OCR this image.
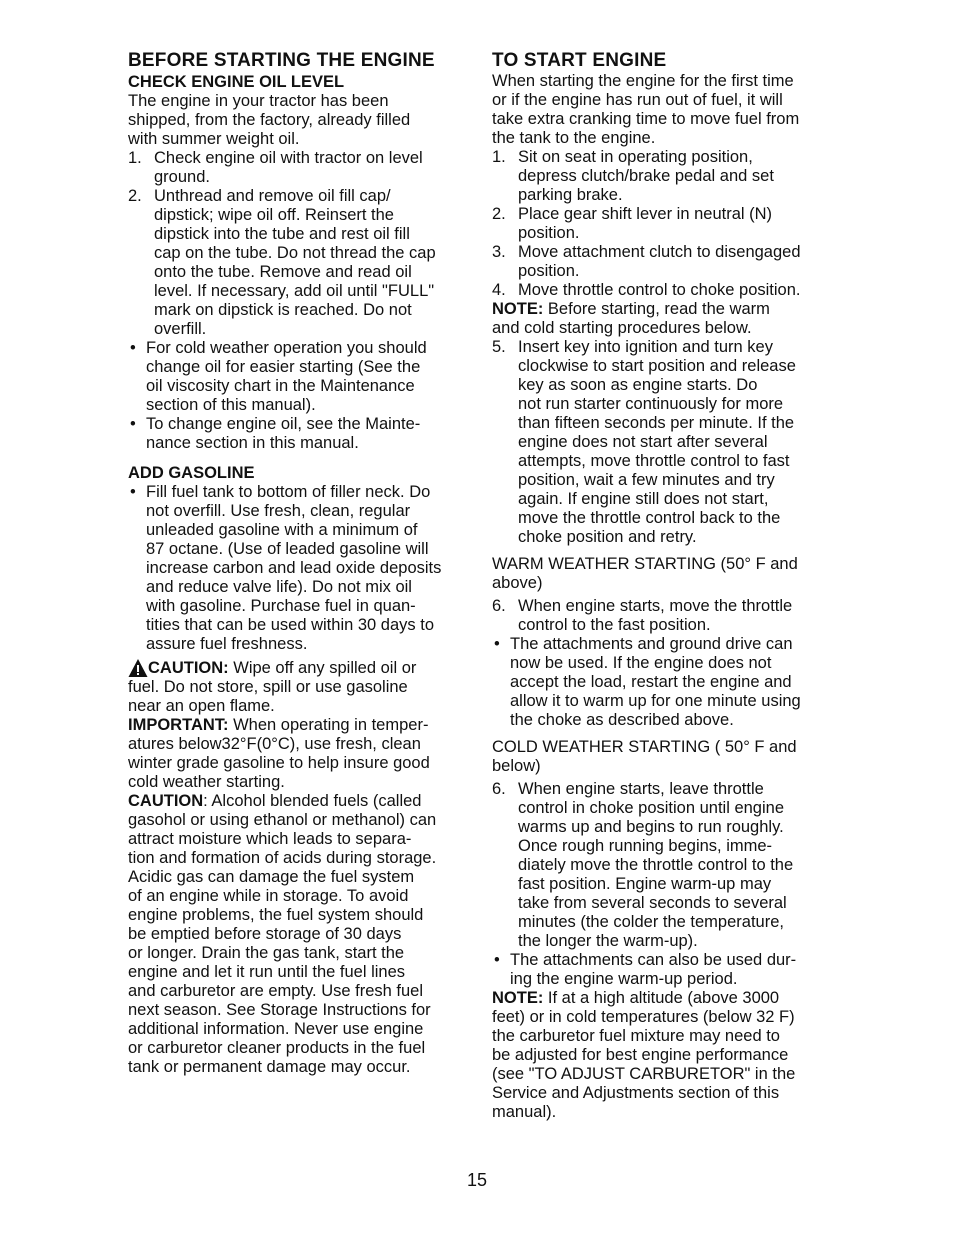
BEFORE STARTING THE ENGINE
CHECK ENGINE OIL LEVEL
The engine in your tractor has been
shipped, from the factory, already filled
with summer weight oil.
1. Check engine oil with tractor on level
ground.
2. Unthread and remove oil fill cap/
dipstick; wipe oil off. Reinsert the
dipstick into the tube and rest oil fill
cap on the tube. Do not thread the cap
onto the tube. Remove and read oil
level. If necessary, add oil until "FULL"
mark on dipstick is reached. Do not
overfill.
• For cold weather operation you should
change oil for easier starting (See the
oil viscosity chart in the Maintenance
section of this manual).
• To change engine oil, see the Mainte-
nance section in this manual.
ADD GASOLINE
• Fill fuel tank to bottom of filler neck. Do
not overfill. Use fresh, clean, regular
unleaded gasoline with a minimum of
87 octane. (Use of leaded gasoline will
increase carbon and lead oxide deposits
and reduce valve life). Do not mix oil
with gasoline. Purchase fuel in quan-
tities that can be used within 30 days to
assure fuel freshness.
CAUTION: Wipe off any spilled oil or
fuel. Do not store, spill or use gasoline
near an open flame.
IMPORTANT: When operating in temper-
atures below32°F(0°C), use fresh, clean
winter grade gasoline to help insure good
cold weather starting.
CAUTION: Alcohol blended fuels (called
gasohol or using ethanol or methanol) can
attract moisture which leads to separa-
tion and formation of acids during storage.
Acidic gas can damage the fuel system
of an engine while in storage. To avoid
engine problems, the fuel system should
be emptied before storage of 30 days
or longer. Drain the gas tank, start the
engine and let it run until the fuel lines
and carburetor are empty. Use fresh fuel
next season. See Storage Instructions for
additional information. Never use engine
or carburetor cleaner products in the fuel
tank or permanent damage may occur.
TO START ENGINE
When starting the engine for the first time
or if the engine has run out of fuel, it will
take extra cranking time to move fuel from
the tank to the engine.
1. Sit on seat in operating position,
depress clutch/brake pedal and set
parking brake.
2. Place gear shift lever in neutral (N)
position.
3. Move attachment clutch to disengaged
position.
4. Move throttle control to choke position.
NOTE: Before starting, read the warm
and cold starting procedures below.
5. Insert key into ignition and turn key
clockwise to start position and release
key as soon as engine starts. Do
not run starter continuously for more
than fifteen seconds per minute. If the
engine does not start after several
attempts, move throttle control to fast
position, wait a few minutes and try
again. If engine still does not start,
move the throttle control back to the
choke position and retry.
WARM WEATHER STARTING (50° F and
above)
6. When engine starts, move the throttle
control to the fast position.
• The attachments and ground drive can
now be used. If the engine does not
accept the load, restart the engine and
allow it to warm up for one minute using
the choke as described above.
COLD WEATHER STARTING ( 50° F and
below)
6. When engine starts, leave throttle
control in choke position until engine
warms up and begins to run roughly.
Once rough running begins, imme-
diately move the throttle control to the
fast position. Engine warm-up may
take from several seconds to several
minutes (the colder the temperature,
the longer the warm-up).
• The attachments can also be used dur-
ing the engine warm-up period.
NOTE: If at a high altitude (above 3000
feet) or in cold temperatures (below 32 F)
the carburetor fuel mixture may need to
be adjusted for best engine performance
(see "TO ADJUST CARBURETOR" in the
Service and Adjustments section of this
manual).
15
